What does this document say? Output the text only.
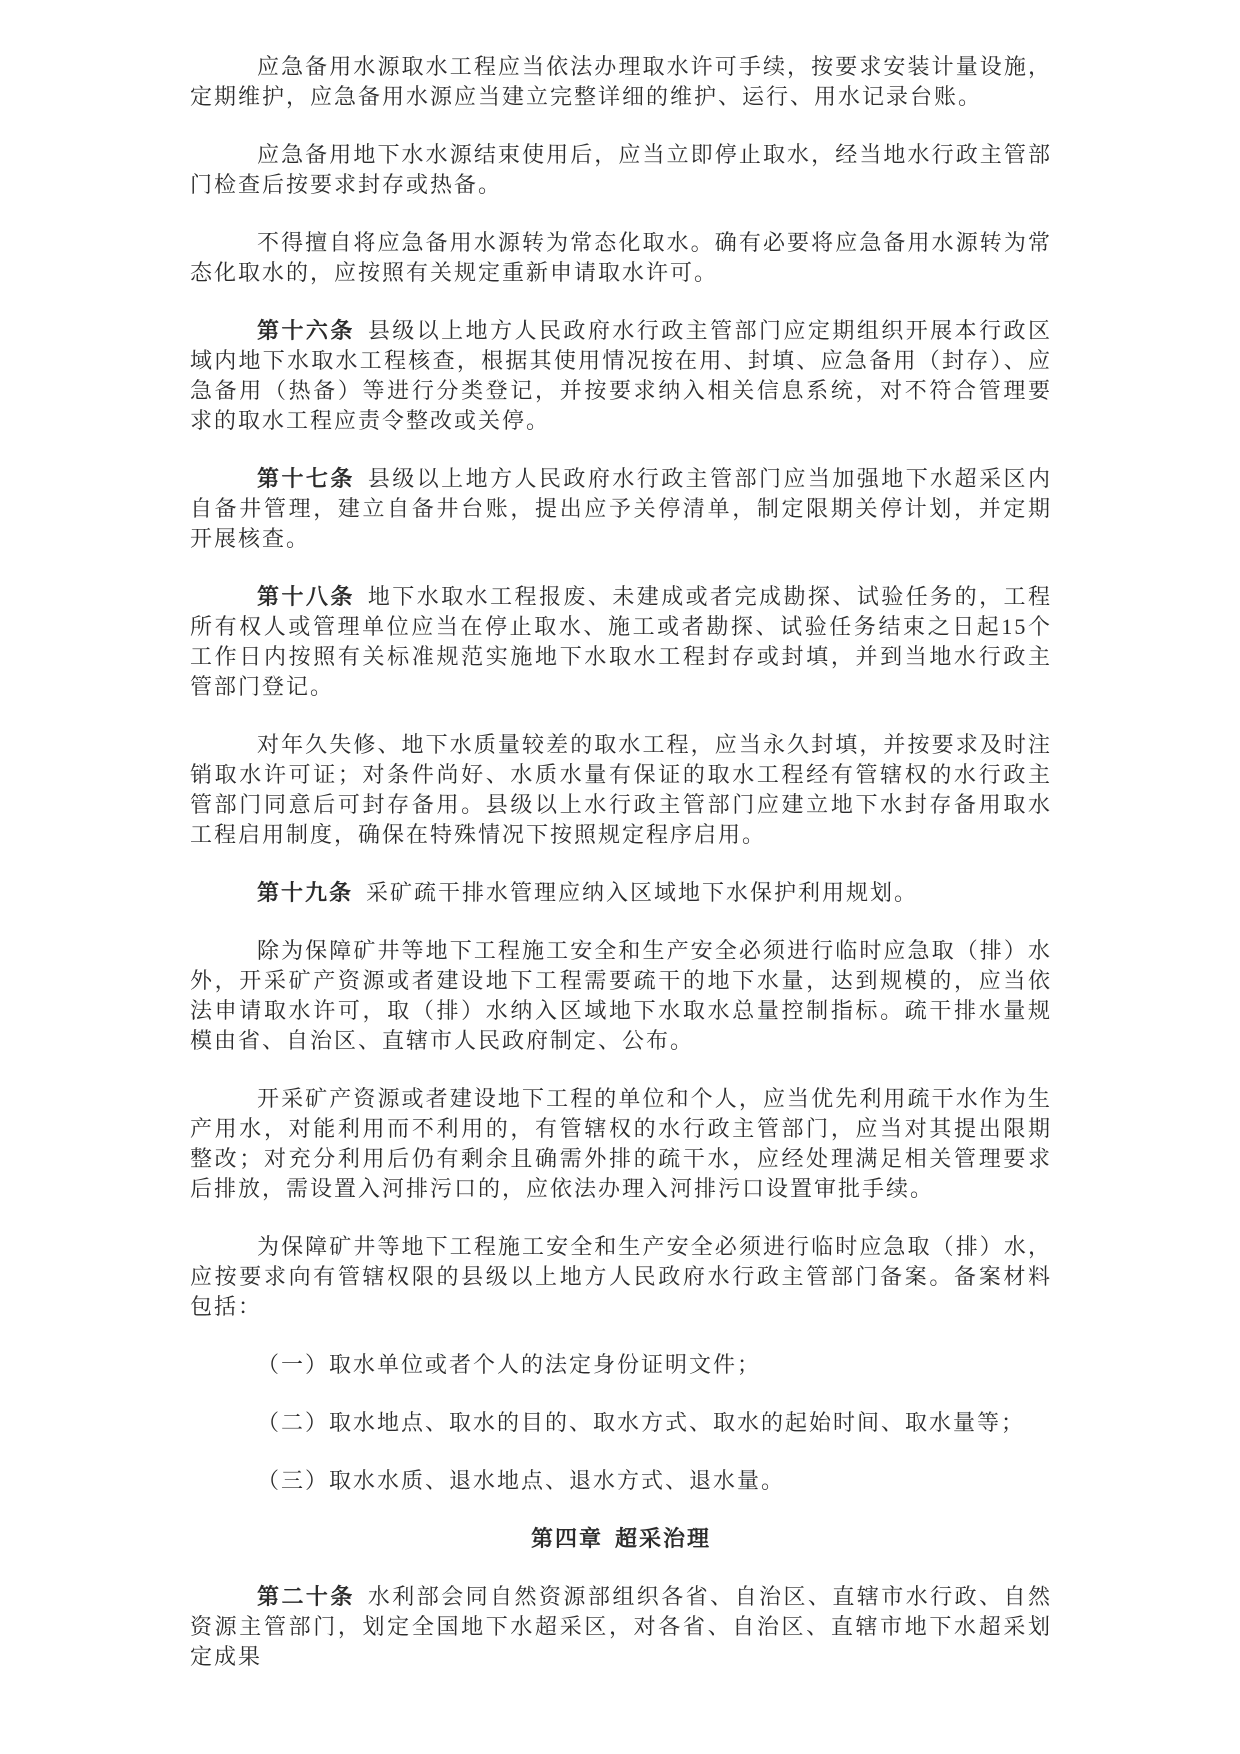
应急备用水源取水工程应当依法办理取水许可手续，按要求安装计量设施，定期维护，应急备用水源应当建立完整详细的维护、运行、用水记录台账。

应急备用地下水水源结束使用后，应当立即停止取水，经当地水行政主管部门检查后按要求封存或热备。

不得擅自将应急备用水源转为常态化取水。确有必要将应急备用水源转为常态化取水的，应按照有关规定重新申请取水许可。

第十六条 县级以上地方人民政府水行政主管部门应定期组织开展本行政区域内地下水取水工程核查，根据其使用情况按在用、封填、应急备用（封存）、应急备用（热备）等进行分类登记，并按要求纳入相关信息系统，对不符合管理要求的取水工程应责令整改或关停。

第十七条 县级以上地方人民政府水行政主管部门应当加强地下水超采区内自备井管理，建立自备井台账，提出应予关停清单，制定限期关停计划，并定期开展核查。

第十八条 地下水取水工程报废、未建成或者完成勘探、试验任务的，工程所有权人或管理单位应当在停止取水、施工或者勘探、试验任务结束之日起15个工作日内按照有关标准规范实施地下水取水工程封存或封填，并到当地水行政主管部门登记。

对年久失修、地下水质量较差的取水工程，应当永久封填，并按要求及时注销取水许可证；对条件尚好、水质水量有保证的取水工程经有管辖权的水行政主管部门同意后可封存备用。县级以上水行政主管部门应建立地下水封存备用取水工程启用制度，确保在特殊情况下按照规定程序启用。

第十九条 采矿疏干排水管理应纳入区域地下水保护利用规划。

除为保障矿井等地下工程施工安全和生产安全必须进行临时应急取（排）水外，开采矿产资源或者建设地下工程需要疏干的地下水量，达到规模的，应当依法申请取水许可，取（排）水纳入区域地下水取水总量控制指标。疏干排水量规模由省、自治区、直辖市人民政府制定、公布。

开采矿产资源或者建设地下工程的单位和个人，应当优先利用疏干水作为生产用水，对能利用而不利用的，有管辖权的水行政主管部门，应当对其提出限期整改；对充分利用后仍有剩余且确需外排的疏干水，应经处理满足相关管理要求后排放，需设置入河排污口的，应依法办理入河排污口设置审批手续。

为保障矿井等地下工程施工安全和生产安全必须进行临时应急取（排）水，应按要求向有管辖权限的县级以上地方人民政府水行政主管部门备案。备案材料包括：

（一）取水单位或者个人的法定身份证明文件；

（二）取水地点、取水的目的、取水方式、取水的起始时间、取水量等；

（三）取水水质、退水地点、退水方式、退水量。

第四章 超采治理

第二十条 水利部会同自然资源部组织各省、自治区、直辖市水行政、自然资源主管部门，划定全国地下水超采区，对各省、自治区、直辖市地下水超采划定成果
